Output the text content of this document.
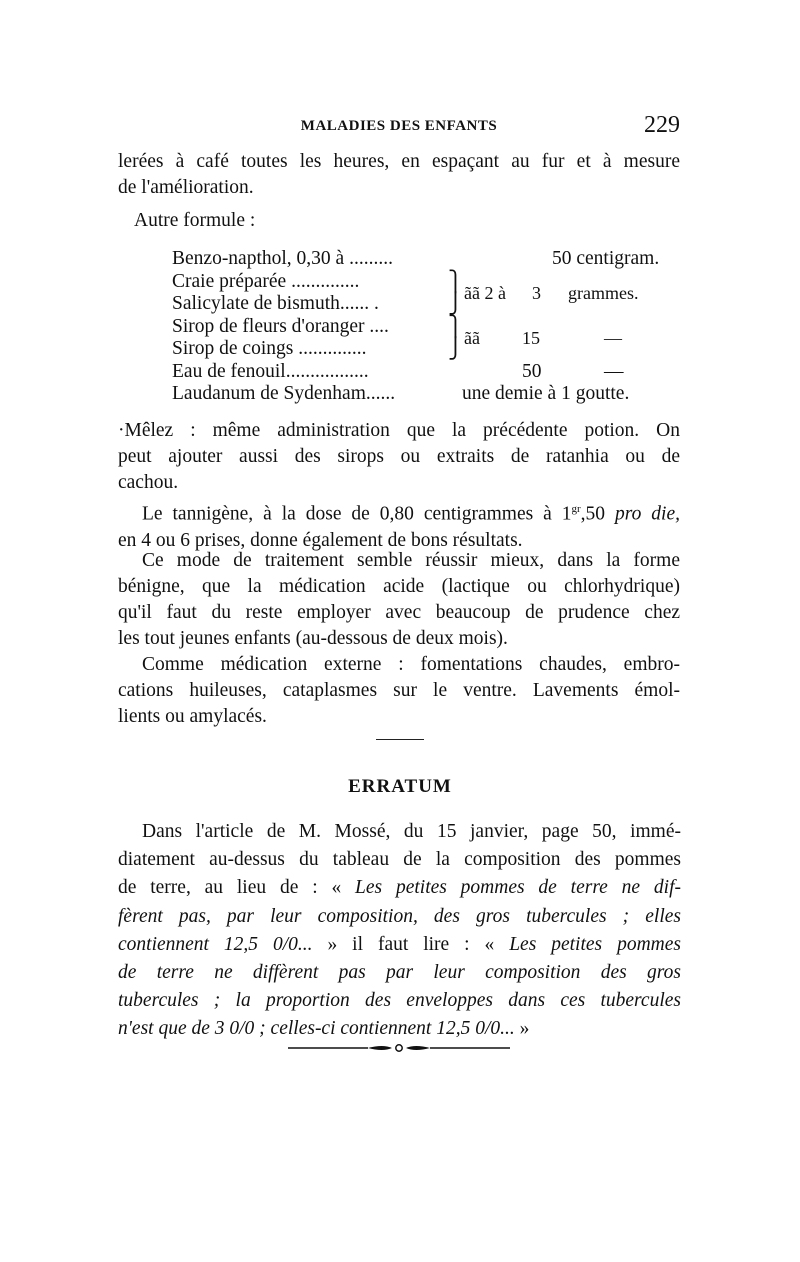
MALADIES DES ENFANTS	229

lerées à café toutes les heures, en espaçant au fur et à mesure
de l'amélioration.

Autre formule :
Benzo-napthol, 0,30 à .........	50 centigram.
Craie préparée ..............
Salicylate de bismuth...... .
⎫
⎭ ãã 2 à 3 grammes.
Sirop de fleurs d'oranger ....
Sirop de coings ..............
⎫
⎭ ãã 15	—
Eau de fenouil.................	50	—
Laudanum de Sydenham......	une demie à 1 goutte.

·Mêlez : même administration que la précédente potion. On
peut ajouter aussi des sirops ou extraits de ratanhia ou de
cachou.

Le tannigène, à la dose de 0,80 centigrammes à $1^{gr},50$ pro die,
en 4 ou 6 prises, donne également de bons résultats.

Ce mode de traitement semble réussir mieux, dans la forme
bénigne, que la médication acide (lactique ou chlorhydrique)
qu'il faut du reste employer avec beaucoup de prudence chez
les tout jeunes enfants (au-dessous de deux mois).

Comme médication externe : fomentations chaudes, embro-
cations huileuses, cataplasmes sur le ventre. Lavements émol-
lients ou amylacés.

ERRATUM

Dans l'article de M. Mossé, du 15 janvier, page 50, immé-
diatement au-dessus du tableau de la composition des pommes
de terre, au lieu de : « Les petites pommes de terre ne dif-
fèrent pas, par leur composition, des gros tubercules ; elles
contiennent 12,5 0/0... » il faut lire : « Les petites pommes
de terre ne diffèrent pas par leur composition des gros
tubercules ; la proportion des enveloppes dans ces tubercules
n'est que de 3 0/0 ; celles-ci contiennent 12,5 0/0... »
